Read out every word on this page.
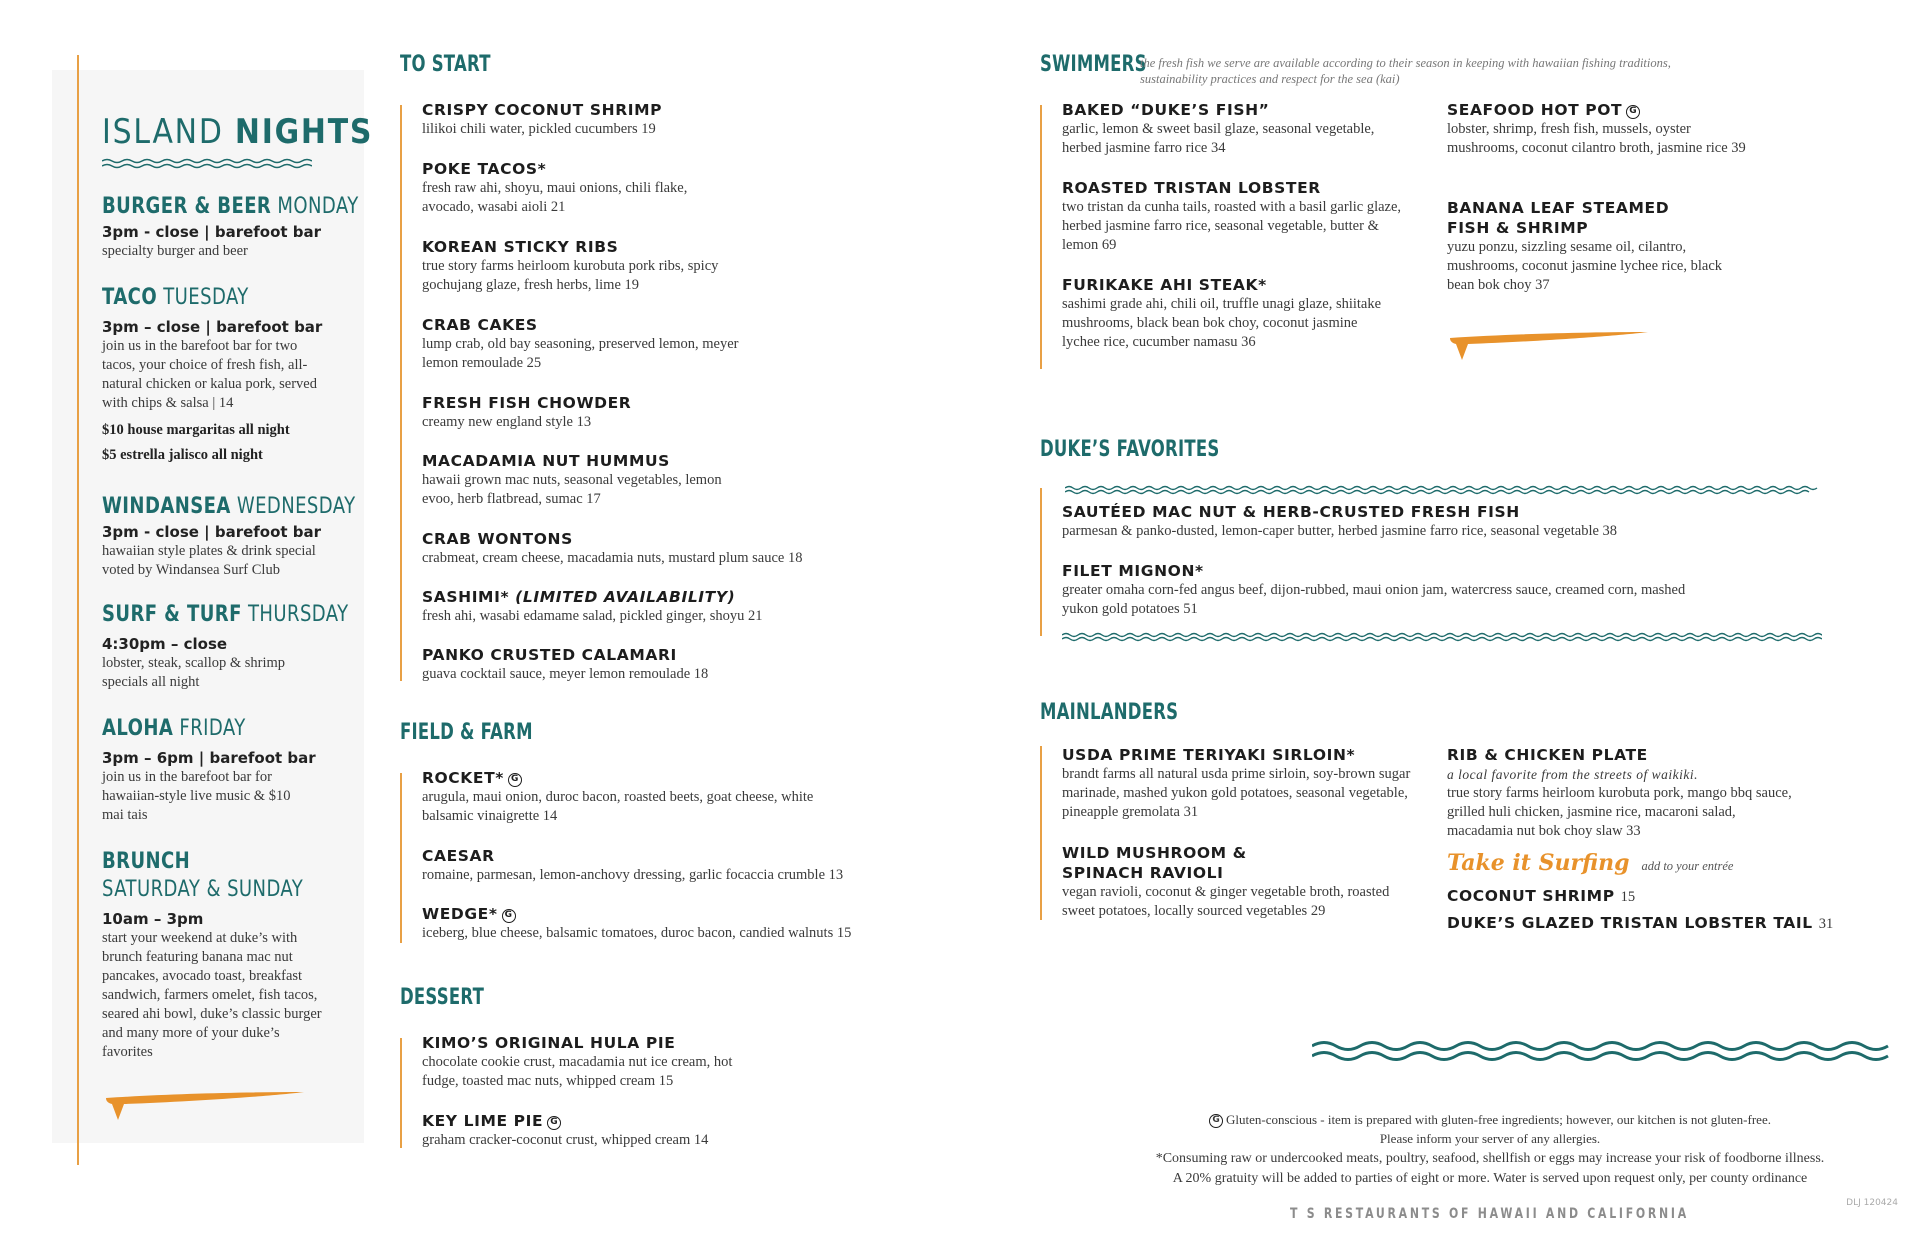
ISLAND NIGHTS
BURGER & BEER MONDAY
3pm - close | barefoot bar
specialty burger and beer
TACO TUESDAY
3pm – close | barefoot bar
join us in the barefoot bar for two tacos, your choice of fresh fish, all-natural chicken or kalua pork, served with chips & salsa | 14
$10 house margaritas all night
$5 estrella jalisco all night
WINDANSEA WEDNESDAY
3pm - close | barefoot bar
hawaiian style plates & drink special voted by Windansea Surf Club
SURF & TURF THURSDAY
4:30pm – close
lobster, steak, scallop & shrimp specials all night
ALOHA FRIDAY
3pm – 6pm | barefoot bar
join us in the barefoot bar for hawaiian-style live music & $10 mai tais
BRUNCH
SATURDAY & SUNDAY
10am – 3pm
start your weekend at duke’s with brunch featuring banana mac nut pancakes, avocado toast, breakfast sandwich, farmers omelet, fish tacos, seared ahi bowl, duke’s classic burger and many more of your duke’s favorites
TO START
CRISPY COCONUT SHRIMP
lilikoi chili water, pickled cucumbers 19
POKE TACOS*
fresh raw ahi, shoyu, maui onions, chili flake, avocado, wasabi aioli 21
KOREAN STICKY RIBS
true story farms heirloom kurobuta pork ribs, spicy gochujang glaze, fresh herbs, lime 19
CRAB CAKES
lump crab, old bay seasoning, preserved lemon, meyer lemon remoulade 25
FRESH FISH CHOWDER
creamy new england style 13
MACADAMIA NUT HUMMUS
hawaii grown mac nuts, seasonal vegetables, lemon evoo, herb flatbread, sumac 17
CRAB WONTONS
crabmeat, cream cheese, macadamia nuts, mustard plum sauce 18
SASHIMI* (LIMITED AVAILABILITY)
fresh ahi, wasabi edamame salad, pickled ginger, shoyu 21
PANKO CRUSTED CALAMARI
guava cocktail sauce, meyer lemon remoulade 18
FIELD & FARM
ROCKET* G
arugula, maui onion, duroc bacon, roasted beets, goat cheese, white balsamic vinaigrette 14
CAESAR
romaine, parmesan, lemon-anchovy dressing, garlic focaccia crumble 13
WEDGE* G
iceberg, blue cheese, balsamic tomatoes, duroc bacon, candied walnuts 15
DESSERT
KIMO’S ORIGINAL HULA PIE
chocolate cookie crust, macadamia nut ice cream, hot fudge, toasted mac nuts, whipped cream 15
KEY LIME PIE G
graham cracker-coconut crust, whipped cream 14
SWIMMERS
the fresh fish we serve are available according to their season in keeping with hawaiian fishing traditions, sustainability practices and respect for the sea (kai)
BAKED “DUKE’S FISH”
garlic, lemon & sweet basil glaze, seasonal vegetable, herbed jasmine farro rice 34
ROASTED TRISTAN LOBSTER
two tristan da cunha tails, roasted with a basil garlic glaze, herbed jasmine farro rice, seasonal vegetable, butter & lemon 69
FURIKAKE AHI STEAK*
sashimi grade ahi, chili oil, truffle unagi glaze, shiitake mushrooms, black bean bok choy, coconut jasmine lychee rice, cucumber namasu 36
SEAFOOD HOT POT G
lobster, shrimp, fresh fish, mussels, oyster mushrooms, coconut cilantro broth, jasmine rice 39
BANANA LEAF STEAMED
FISH & SHRIMP
yuzu ponzu, sizzling sesame oil, cilantro, mushrooms, coconut jasmine lychee rice, black bean bok choy 37
DUKE’S FAVORITES
SAUTÉED MAC NUT & HERB-CRUSTED FRESH FISH
parmesan & panko-dusted, lemon-caper butter, herbed jasmine farro rice, seasonal vegetable 38
FILET MIGNON*
greater omaha corn-fed angus beef, dijon-rubbed, maui onion jam, watercress sauce, creamed corn, mashed yukon gold potatoes 51
MAINLANDERS
USDA PRIME TERIYAKI SIRLOIN*
brandt farms all natural usda prime sirloin, soy-brown sugar marinade, mashed yukon gold potatoes, seasonal vegetable, pineapple gremolata 31
WILD MUSHROOM &
SPINACH RAVIOLI
vegan ravioli, coconut & ginger vegetable broth, roasted sweet potatoes, locally sourced vegetables 29
RIB & CHICKEN PLATE
a local favorite from the streets of waikiki.
true story farms heirloom kurobuta pork, mango bbq sauce, grilled huli chicken, jasmine rice, macaroni salad, macadamia nut bok choy slaw 33
Take it Surfing add to your entrée
COCONUT SHRIMP 15
DUKE’S GLAZED TRISTAN LOBSTER TAIL 31
G Gluten-conscious - item is prepared with gluten-free ingredients; however, our kitchen is not gluten-free.
Please inform your server of any allergies.
*Consuming raw or undercooked meats, poultry, seafood, shellfish or eggs may increase your risk of foodborne illness.
A 20% gratuity will be added to parties of eight or more. Water is served upon request only, per county ordinance
DLJ 120424
T S RESTAURANTS OF HAWAII AND CALIFORNIA
